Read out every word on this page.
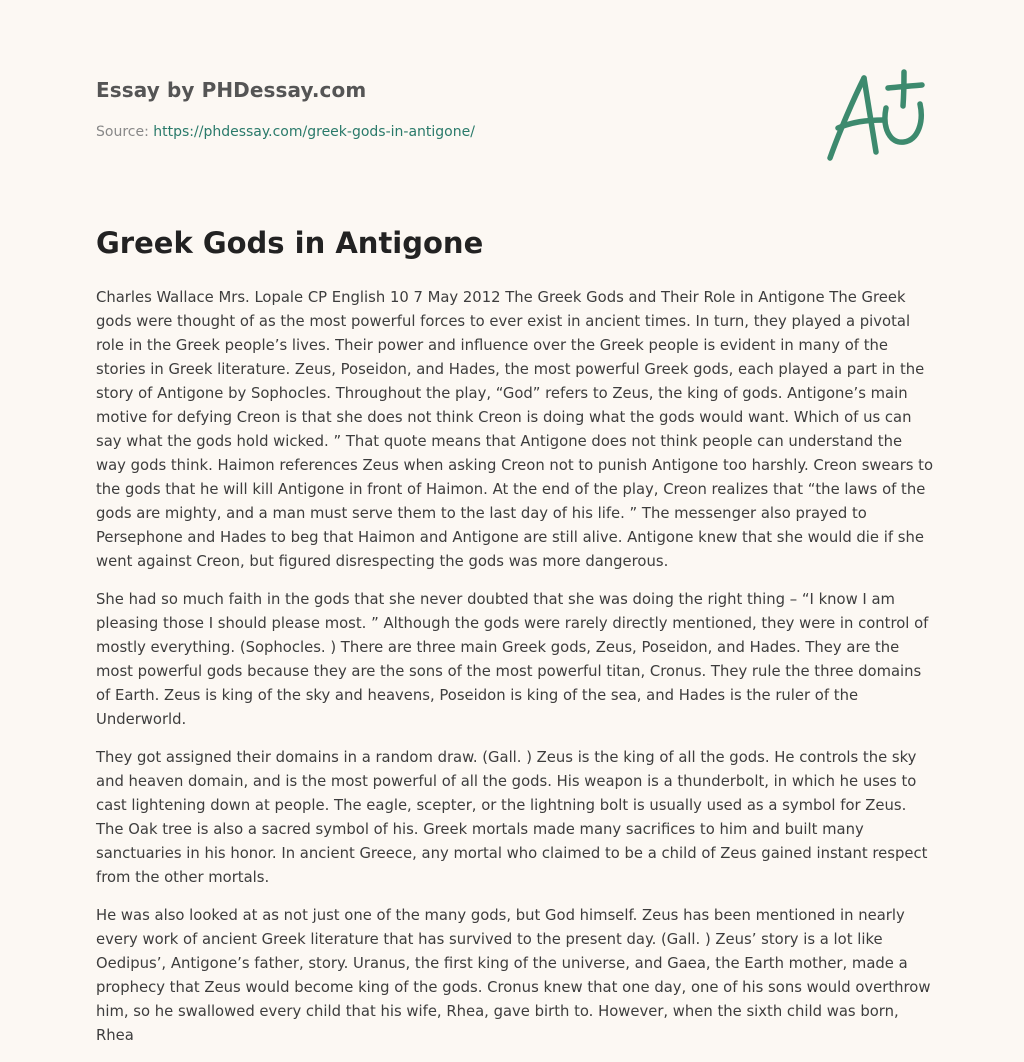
Essay by PHDessay.com
Source: https://phdessay.com/greek-gods-in-antigone/
Greek Gods in Antigone

Charles Wallace Mrs. Lopale CP English 10 7 May 2012 The Greek Gods and Their Role in Antigone The Greek gods were thought of as the most powerful forces to ever exist in ancient times. In turn, they played a pivotal role in the Greek people’s lives. Their power and influence over the Greek people is evident in many of the stories in Greek literature. Zeus, Poseidon, and Hades, the most powerful Greek gods, each played a part in the story of Antigone by Sophocles. Throughout the play, “God” refers to Zeus, the king of gods. Antigone’s main motive for defying Creon is that she does not think Creon is doing what the gods would want. Which of us can say what the gods hold wicked. ” That quote means that Antigone does not think people can understand the way gods think. Haimon references Zeus when asking Creon not to punish Antigone too harshly. Creon swears to the gods that he will kill Antigone in front of Haimon. At the end of the play, Creon realizes that “the laws of the gods are mighty, and a man must serve them to the last day of his life. ” The messenger also prayed to Persephone and Hades to beg that Haimon and Antigone are still alive. Antigone knew that she would die if she went against Creon, but figured disrespecting the gods was more dangerous.

She had so much faith in the gods that she never doubted that she was doing the right thing – “I know I am pleasing those I should please most. ” Although the gods were rarely directly mentioned, they were in control of mostly everything. (Sophocles. ) There are three main Greek gods, Zeus, Poseidon, and Hades. They are the most powerful gods because they are the sons of the most powerful titan, Cronus. They rule the three domains of Earth. Zeus is king of the sky and heavens, Poseidon is king of the sea, and Hades is the ruler of the Underworld.

They got assigned their domains in a random draw. (Gall. ) Zeus is the king of all the gods. He controls the sky and heaven domain, and is the most powerful of all the gods. His weapon is a thunderbolt, in which he uses to cast lightening down at people. The eagle, scepter, or the lightning bolt is usually used as a symbol for Zeus. The Oak tree is also a sacred symbol of his. Greek mortals made many sacrifices to him and built many sanctuaries in his honor. In ancient Greece, any mortal who claimed to be a child of Zeus gained instant respect from the other mortals.

He was also looked at as not just one of the many gods, but God himself. Zeus has been mentioned in nearly every work of ancient Greek literature that has survived to the present day. (Gall. ) Zeus’ story is a lot like Oedipus’, Antigone’s father, story. Uranus, the first king of the universe, and Gaea, the Earth mother, made a prophecy that Zeus would become king of the gods. Cronus knew that one day, one of his sons would overthrow him, so he swallowed every child that his wife, Rhea, gave birth to. However, when the sixth child was born, Rhea
